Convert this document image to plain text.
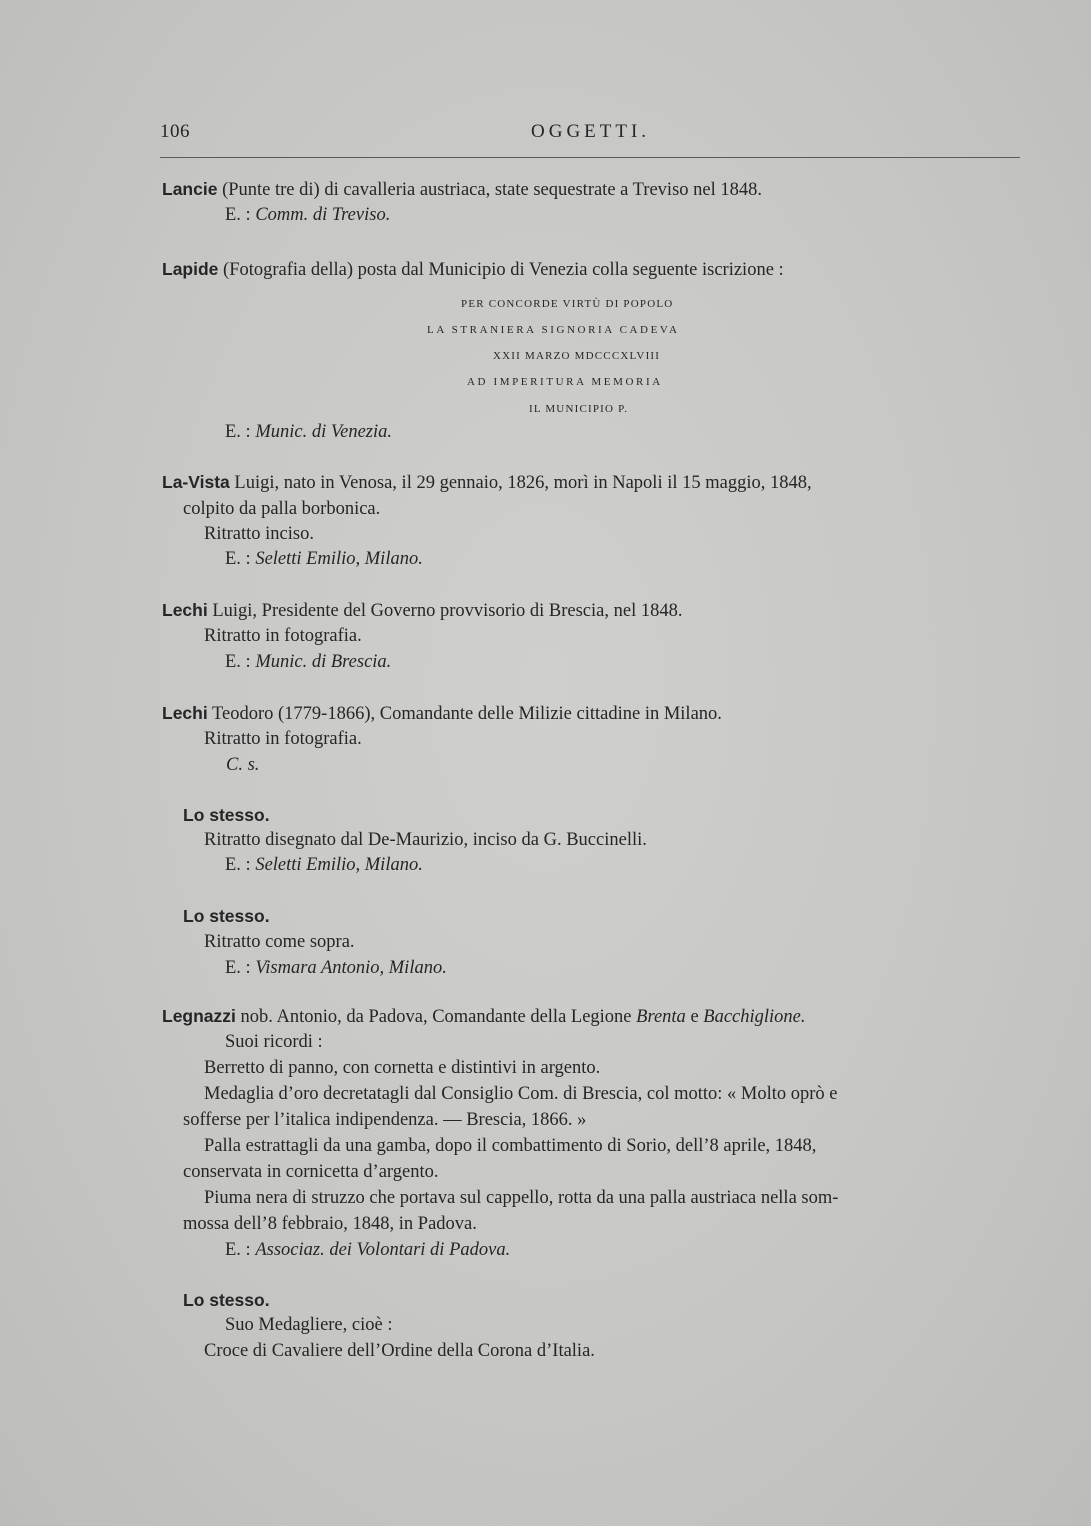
106	OGGETTI.
Lancie (Punte tre di) di cavalleria austriaca, state sequestrate a Treviso nel 1848.
E. : Comm. di Treviso.
Lapide (Fotografia della) posta dal Municipio di Venezia colla seguente iscrizione :
PER CONCORDE VIRTÙ DI POPOLO
LA STRANIERA SIGNORIA CADEVA
XXII MARZO MDCCCXLVIII
AD IMPERITURA MEMORIA
IL MUNICIPIO P.
E. : Munic. di Venezia.
La-Vista Luigi, nato in Venosa, il 29 gennaio, 1826, morì in Napoli il 15 maggio, 1848,
colpito da palla borbonica.
Ritratto inciso.
E. : Seletti Emilio, Milano.
Lechi Luigi, Presidente del Governo provvisorio di Brescia, nel 1848.
Ritratto in fotografia.
E. : Munic. di Brescia.
Lechi Teodoro (1779-1866), Comandante delle Milizie cittadine in Milano.
Ritratto in fotografia.
C. s.
Lo stesso.
Ritratto disegnato dal De-Maurizio, inciso da G. Buccinelli.
E. : Seletti Emilio, Milano.
Lo stesso.
Ritratto come sopra.
E. : Vismara Antonio, Milano.
Legnazzi nob. Antonio, da Padova, Comandante della Legione Brenta e Bacchiglione.
Suoi ricordi :
Berretto di panno, con cornetta e distintivi in argento.
Medaglia d’oro decretatagli dal Consiglio Com. di Brescia, col motto: « Molto oprò e
sofferse per l’italica indipendenza. — Brescia, 1866. »
Palla estrattagli da una gamba, dopo il combattimento di Sorio, dell’8 aprile, 1848,
conservata in cornicetta d’argento.
Piuma nera di struzzo che portava sul cappello, rotta da una palla austriaca nella som-
mossa dell’8 febbraio, 1848, in Padova.
E. : Associaz. dei Volontari di Padova.
Lo stesso.
Suo Medagliere, cioè :
Croce di Cavaliere dell’Ordine della Corona d’Italia.
